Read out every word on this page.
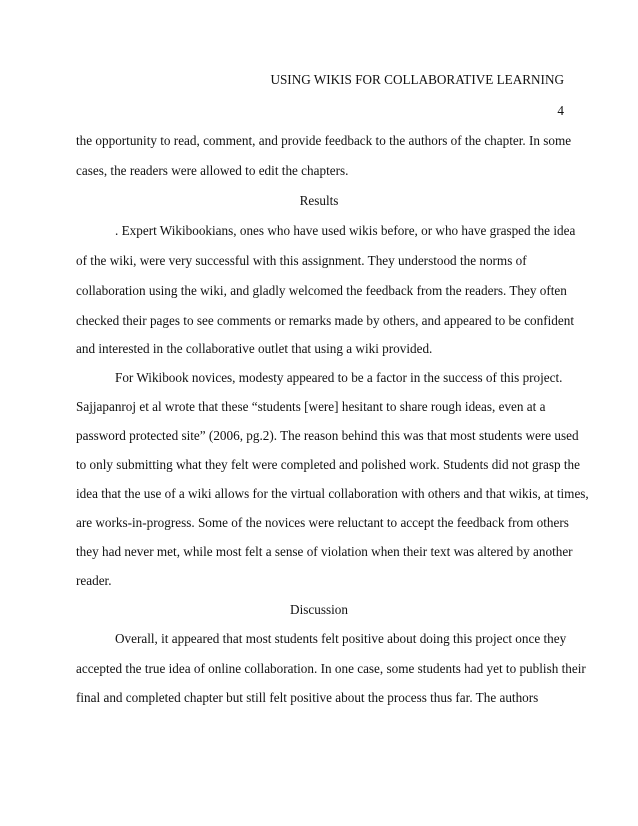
USING WIKIS FOR COLLABORATIVE LEARNING
4
the opportunity to read, comment, and provide feedback to the authors of the chapter. In some
cases, the readers were allowed to edit the chapters.
Results
. Expert Wikibookians, ones who have used wikis before, or who have grasped the idea
of the wiki, were very successful with this assignment. They understood the norms of
collaboration using the wiki, and gladly welcomed the feedback from the readers. They often
checked their pages to see comments or remarks made by others, and appeared to be confident
and interested in the collaborative outlet that using a wiki provided.
For Wikibook novices, modesty appeared to be a factor in the success of this project.
Sajjapanroj et al wrote that these “students [were] hesitant to share rough ideas, even at a
password protected site” (2006, pg.2). The reason behind this was that most students were used
to only submitting what they felt were completed and polished work. Students did not grasp the
idea that the use of a wiki allows for the virtual collaboration with others and that wikis, at times,
are works-in-progress. Some of the novices were reluctant to accept the feedback from others
they had never met, while most felt a sense of violation when their text was altered by another
reader.
Discussion
Overall, it appeared that most students felt positive about doing this project once they
accepted the true idea of online collaboration. In one case, some students had yet to publish their
final and completed chapter but still felt positive about the process thus far. The authors
